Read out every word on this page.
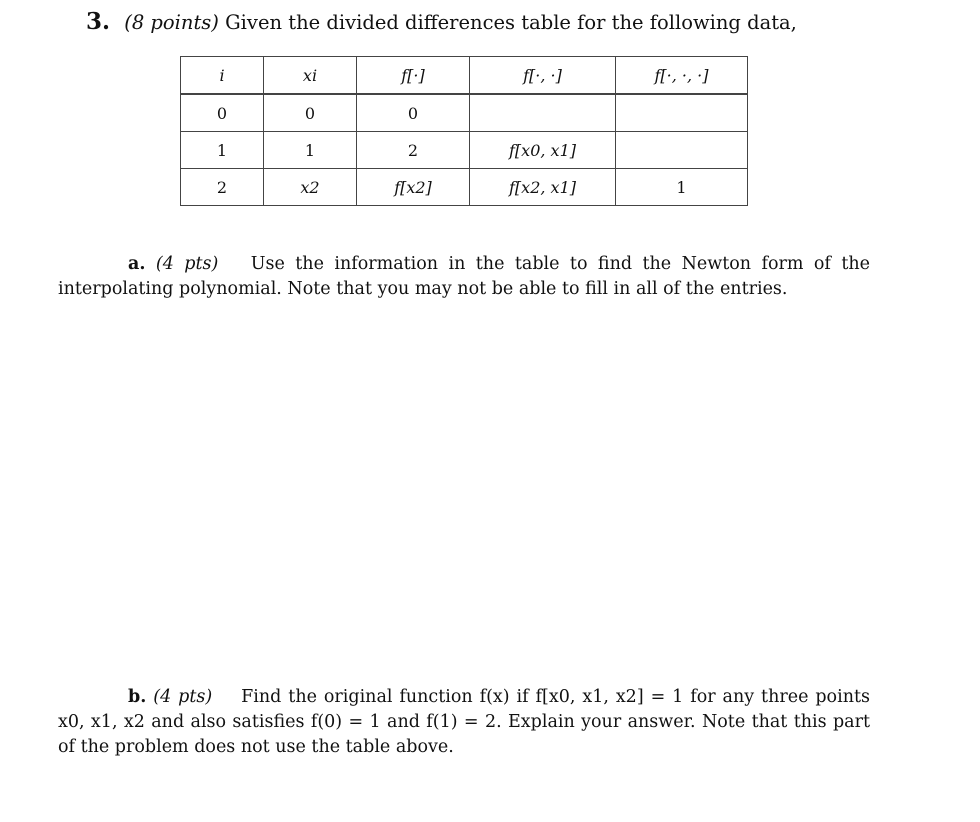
3. (8 points) Given the divided differences table for the following data,
i	xi	f[·]	f[·, ·]	f[·, ·, ·]
0	0	0		
1	1	2	f[x0, x1]	
2	x2	f[x2]	f[x2, x1]	1
a. (4 pts) Use the information in the table to find the Newton form of the interpolating polynomial. Note that you may not be able to fill in all of the entries.
b. (4 pts) Find the original function f(x) if f[x0, x1, x2] = 1 for any three points x0, x1, x2 and also satisfies f(0) = 1 and f(1) = 2. Explain your answer. Note that this part of the problem does not use the table above.
